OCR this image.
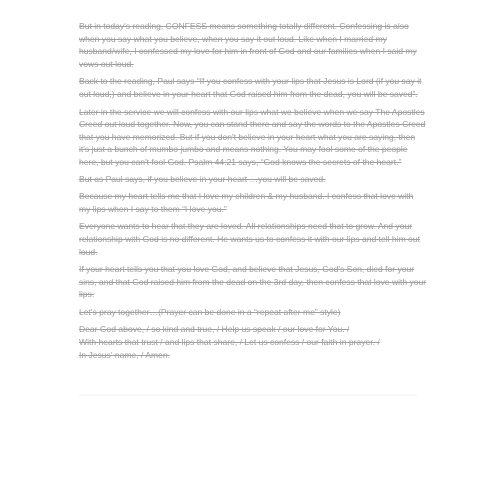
But in today's reading, CONFESS means something totally different. Confessing is also when you say what you believe, when you say it out loud. Like when I married my husband/wife, I confessed my love for him in front of God and our families when I said my vows out loud.

Back to the reading, Paul says “If you confess with your lips that Jesus is Lord (if you say it out loud,) and believe in your heart that God raised him from the dead, you will be saved”.

Later in the service we will confess with our lips what we believe when we say The Apostles Creed out loud together. Now, you can stand there and say the words to the Apostles Creed that you have memorized. But if you don't believe in your heart what you are saying, then it's just a bunch of mumbo jumbo and means nothing. You may fool some of the people here, but you can't fool God. Psalm 44:21 says, “God knows the secrets of the heart.”

But as Paul says, if you believe in your heart …you will be saved.

Because my heart tells me that I love my children & my husband. I confess that love with my lips when I say to them “I love you.”

Everyone wants to hear that they are loved. All relationships need that to grow. And your relationship with God is no different. He wants us to confess it with our lips and tell him out loud.

If your heart tells you that you love God, and believe that Jesus, God's Son, died for your sins, and that God raised him from the dead on the 3rd day, then confess that love with your lips.

Let's pray together…(Prayer can be done in a “repeat after me” style)

Dear God above, / so kind and true, / Help us speak / our love for You. /
With hearts that trust / and lips that share, / Let us confess / our faith in prayer. /
In Jesus' name, / Amen.
